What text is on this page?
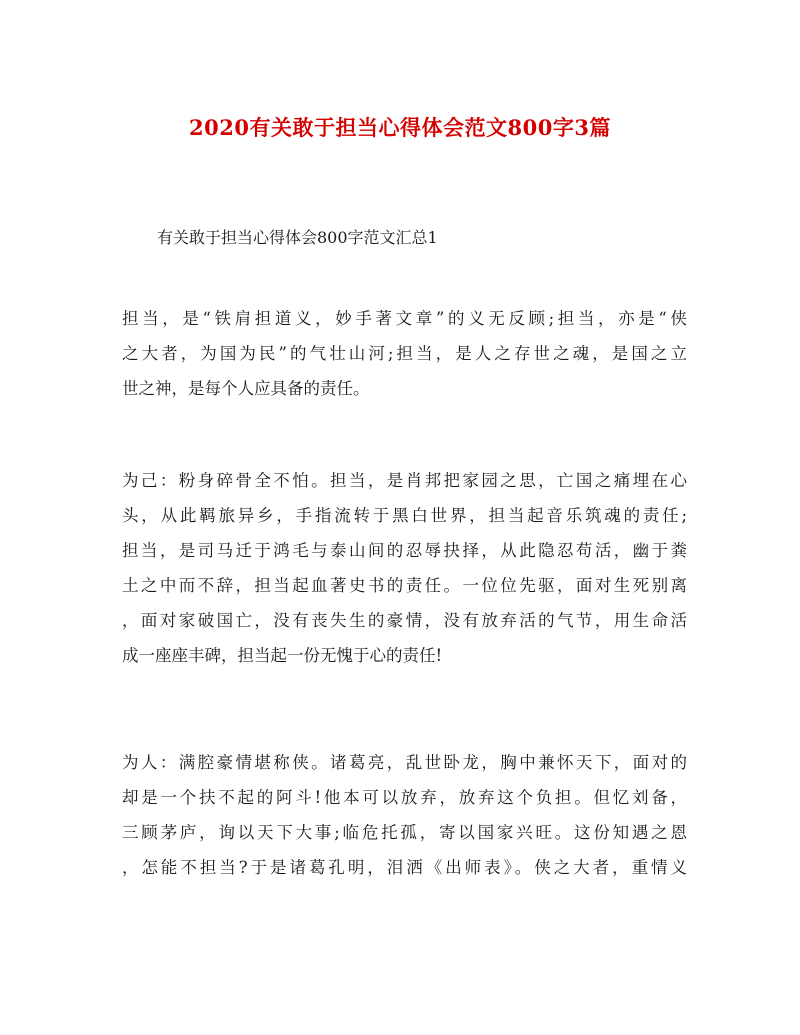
2020有关敢于担当心得体会范文800字3篇
有关敢于担当心得体会800字范文汇总1
担当，是“铁肩担道义，妙手著文章”的义无反顾;担当，亦是“侠
之大者，为国为民”的气壮山河;担当，是人之存世之魂，是国之立
世之神，是每个人应具备的责任。
为己：粉身碎骨全不怕。担当，是肖邦把家园之思，亡国之痛埋在心
头，从此羁旅异乡，手指流转于黑白世界，担当起音乐筑魂的责任;
担当，是司马迁于鸿毛与泰山间的忍辱抉择，从此隐忍苟活，幽于粪
土之中而不辞，担当起血著史书的责任。一位位先驱，面对生死别离
，面对家破国亡，没有丧失生的豪情，没有放弃活的气节，用生命活
成一座座丰碑，担当起一份无愧于心的责任!
为人：满腔豪情堪称侠。诸葛亮，乱世卧龙，胸中兼怀天下，面对的
却是一个扶不起的阿斗!他本可以放弃，放弃这个负担。但忆刘备，
三顾茅庐，询以天下大事;临危托孤，寄以国家兴旺。这份知遇之恩
，怎能不担当?于是诸葛孔明，泪洒《出师表》。侠之大者，重情义
